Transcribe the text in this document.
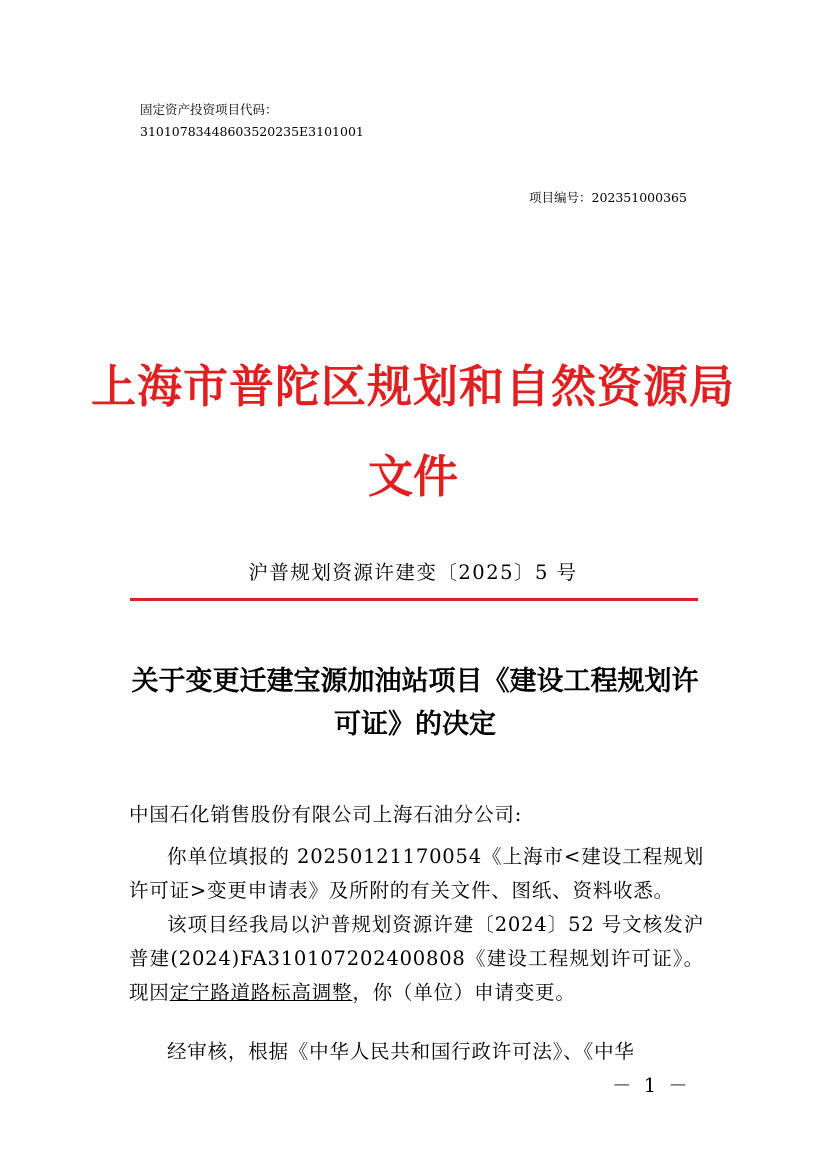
固定资产投资项目代码：
31010783448603520235E3101001
项目编号：202351000365
上海市普陀区规划和自然资源局
文件
沪普规划资源许建变〔2025〕5 号
关于变更迁建宝源加油站项目《建设工程规划许可证》的决定
中国石化销售股份有限公司上海石油分公司:
你单位填报的 20250121170054《上海市<建设工程规划许可证>变更申请表》及所附的有关文件、图纸、资料收悉。
该项目经我局以沪普规划资源许建〔2024〕52 号文核发沪普建(2024)FA310107202400808《建设工程规划许可证》。现因定宁路道路标高调整，你（单位）申请变更。
经审核，根据《中华人民共和国行政许可法》、《中华
－ 1 －
